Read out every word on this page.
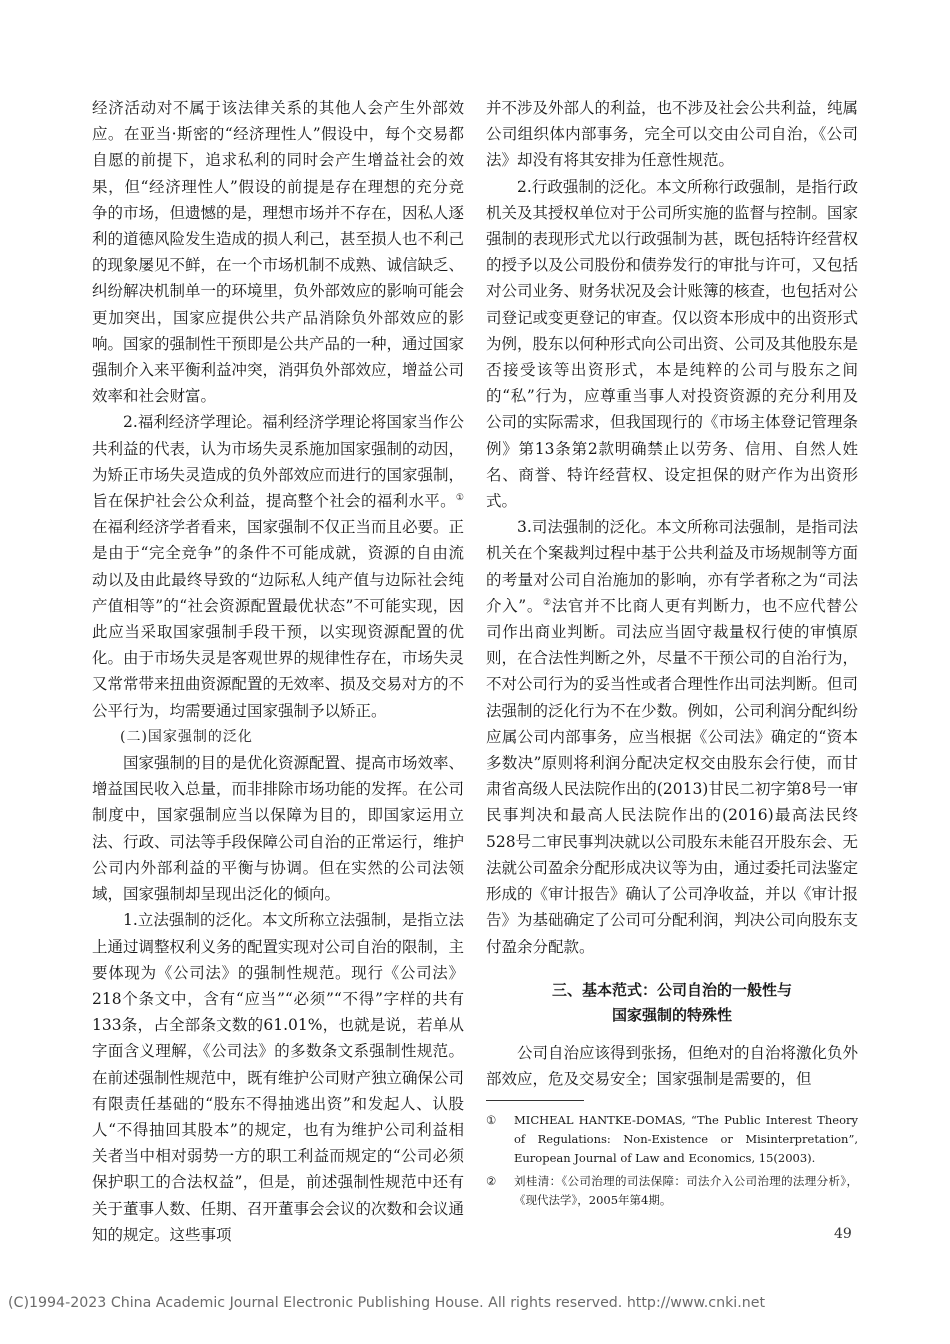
经济活动对不属于该法律关系的其他人会产生外部效应。在亚当·斯密的“经济理性人”假设中，每个交易都自愿的前提下，追求私利的同时会产生增益社会的效果，但“经济理性人”假设的前提是存在理想的充分竞争的市场，但遗憾的是，理想市场并不存在，因私人逐利的道德风险发生造成的损人利己，甚至损人也不利己的现象屡见不鲜，在一个市场机制不成熟、诚信缺乏、纠纷解决机制单一的环境里，负外部效应的影响可能会更加突出，国家应提供公共产品消除负外部效应的影响。国家的强制性干预即是公共产品的一种，通过国家强制介入来平衡利益冲突，消弭负外部效应，增益公司效率和社会财富。

2.福利经济学理论。福利经济学理论将国家当作公共利益的代表，认为市场失灵系施加国家强制的动因，为矫正市场失灵造成的负外部效应而进行的国家强制，旨在保护社会公众利益，提高整个社会的福利水平。①在福利经济学者看来，国家强制不仅正当而且必要。正是由于“完全竞争”的条件不可能成就，资源的自由流动以及由此最终导致的“边际私人纯产值与边际社会纯产值相等”的“社会资源配置最优状态”不可能实现，因此应当采取国家强制手段干预，以实现资源配置的优化。由于市场失灵是客观世界的规律性存在，市场失灵又常常带来扭曲资源配置的无效率、损及交易对方的不公平行为，均需要通过国家强制予以矫正。

(二)国家强制的泛化

国家强制的目的是优化资源配置、提高市场效率、增益国民收入总量，而非排除市场功能的发挥。在公司制度中，国家强制应当以保障为目的，即国家运用立法、行政、司法等手段保障公司自治的正常运行，维护公司内外部利益的平衡与协调。但在实然的公司法领域，国家强制却呈现出泛化的倾向。

1.立法强制的泛化。本文所称立法强制，是指立法上通过调整权利义务的配置实现对公司自治的限制，主要体现为《公司法》的强制性规范。现行《公司法》218个条文中，含有“应当”“必须”“不得”字样的共有133条，占全部条文数的61.01%，也就是说，若单从字面含义理解，《公司法》的多数条文系强制性规范。在前述强制性规范中，既有维护公司财产独立确保公司有限责任基础的“股东不得抽逃出资”和发起人、认股人“不得抽回其股本”的规定，也有为维护公司利益相关者当中相对弱势一方的职工利益而规定的“公司必须保护职工的合法权益”，但是，前述强制性规范中还有关于董事人数、任期、召开董事会会议的次数和会议通知的规定。这些事项

并不涉及外部人的利益，也不涉及社会公共利益，纯属公司组织体内部事务，完全可以交由公司自治，《公司法》却没有将其安排为任意性规范。

2.行政强制的泛化。本文所称行政强制，是指行政机关及其授权单位对于公司所实施的监督与控制。国家强制的表现形式尤以行政强制为甚，既包括特许经营权的授予以及公司股份和债券发行的审批与许可，又包括对公司业务、财务状况及会计账簿的核查，也包括对公司登记或变更登记的审查。仅以资本形成中的出资形式为例，股东以何种形式向公司出资、公司及其他股东是否接受该等出资形式，本是纯粹的公司与股东之间的“私”行为，应尊重当事人对投资资源的充分利用及公司的实际需求，但我国现行的《市场主体登记管理条例》第13条第2款明确禁止以劳务、信用、自然人姓名、商誉、特许经营权、设定担保的财产作为出资形式。

3.司法强制的泛化。本文所称司法强制，是指司法机关在个案裁判过程中基于公共利益及市场规制等方面的考量对公司自治施加的影响，亦有学者称之为“司法介入”。②法官并不比商人更有判断力，也不应代替公司作出商业判断。司法应当固守裁量权行使的审慎原则，在合法性判断之外，尽量不干预公司的自治行为，不对公司行为的妥当性或者合理性作出司法判断。但司法强制的泛化行为不在少数。例如，公司利润分配纠纷应属公司内部事务，应当根据《公司法》确定的“资本多数决”原则将利润分配决定权交由股东会行使，而甘肃省高级人民法院作出的(2013)甘民二初字第8号一审民事判决和最高人民法院作出的(2016)最高法民终528号二审民事判决就以公司股东未能召开股东会、无法就公司盈余分配形成决议等为由，通过委托司法鉴定形成的《审计报告》确认了公司净收益，并以《审计报告》为基础确定了公司可分配利润，判决公司向股东支付盈余分配款。

三、基本范式：公司自治的一般性与
国家强制的特殊性

公司自治应该得到张扬，但绝对的自治将激化负外部效应，危及交易安全；国家强制是需要的，但

①	MICHEAL HANTKE-DOMAS, “The Public Interest Theory of Regulations: Non-Existence or Misinterpretation”, European Journal of Law and Economics, 15(2003).
②	刘桂清：《公司治理的司法保障：司法介入公司治理的法理分析》，《现代法学》，2005年第4期。
49
(C)1994-2023 China Academic Journal Electronic Publishing House. All rights reserved. http://www.cnki.net
